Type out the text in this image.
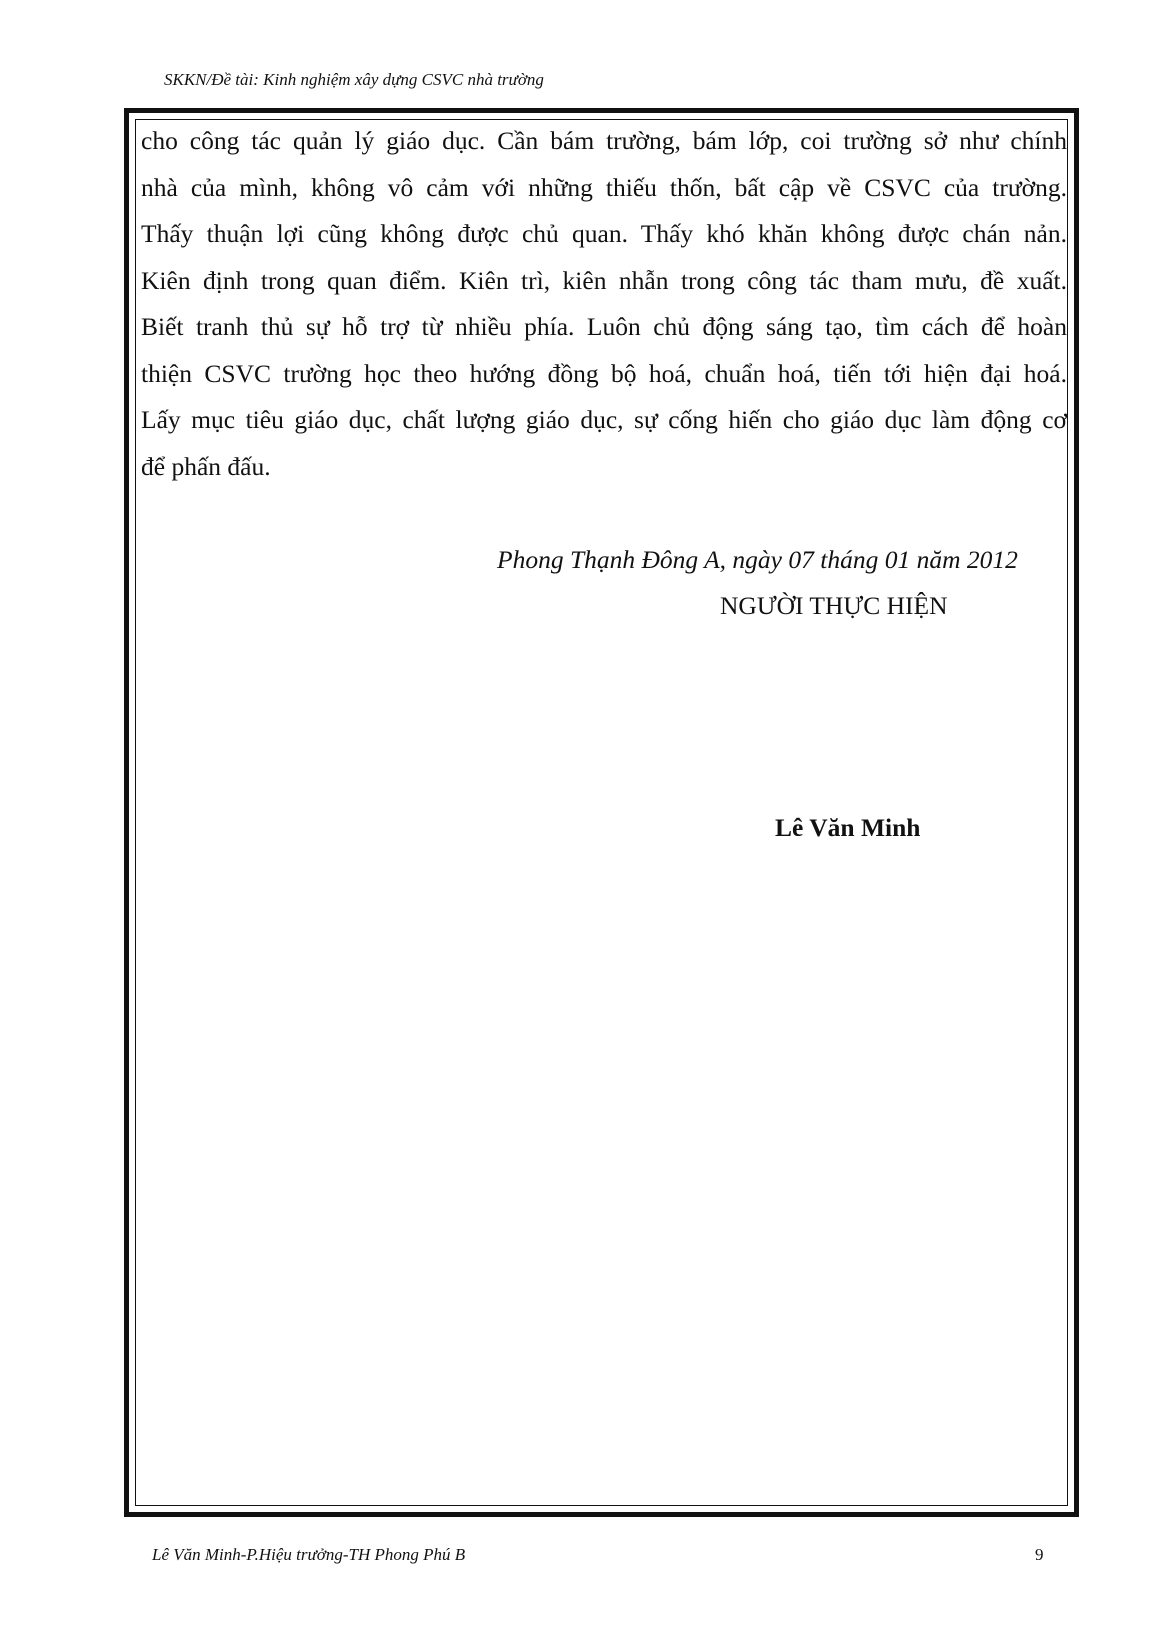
SKKN/Đề tài: Kinh nghiệm xây dựng CSVC nhà trường
cho công tác quản lý giáo dục. Cần bám trường, bám lớp, coi trường sở như chính
nhà của mình, không vô cảm với những thiếu thốn, bất cập về CSVC của trường.
Thấy thuận lợi cũng không được chủ quan. Thấy khó khăn không được chán nản.
Kiên định trong quan điểm. Kiên trì, kiên nhẫn trong công tác tham mưu, đề xuất.
Biết tranh thủ sự hỗ trợ từ nhiều phía. Luôn chủ động sáng tạo, tìm cách để hoàn
thiện CSVC trường học theo hướng đồng bộ hoá, chuẩn hoá, tiến tới hiện đại hoá.
Lấy mục tiêu giáo dục, chất lượng giáo dục, sự cống hiến cho giáo dục làm động cơ
để phấn đấu.
Phong Thạnh Đông A, ngày 07 tháng 01 năm 2012
NGƯỜI THỰC HIỆN
Lê Văn Minh
Lê Văn Minh-P.Hiệu trưởng-TH Phong Phú B	9
